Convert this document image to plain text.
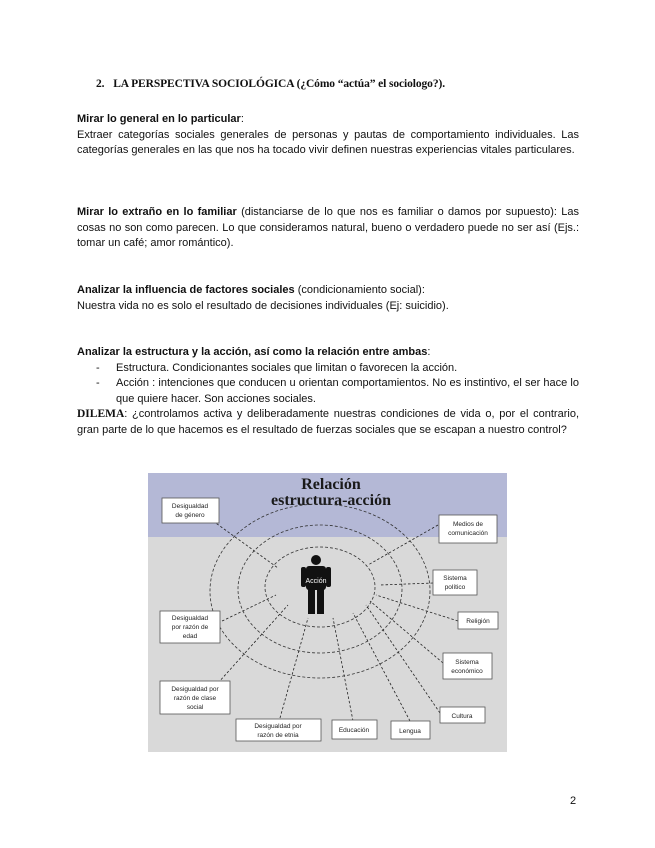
2. LA PERSPECTIVA SOCIOLÓGICA (¿Cómo “actúa” el sociologo?).
Mirar lo general en lo particular:
Extraer categorías sociales generales de personas y pautas de comportamiento individuales. Las categorías generales en las que nos ha tocado vivir definen nuestras experiencias vitales particulares.
Mirar lo extraño en lo familiar (distanciarse de lo que nos es familiar o damos por supuesto): Las cosas no son como parecen. Lo que consideramos natural, bueno o verdadero puede no ser así (Ejs.: tomar un café; amor romántico).
Analizar la influencia de factores sociales (condicionamiento social):
Nuestra vida no es solo el resultado de decisiones individuales (Ej: suicidio).
Analizar la estructura y la acción, así como la relación entre ambas:
- Estructura. Condicionantes sociales que limitan o favorecen la acción.
- Acción : intenciones que conducen u orientan comportamientos. No es instintivo, el ser hace lo que quiere hacer. Son acciones sociales.
DILEMA: ¿controlamos activa y deliberadamente nuestras condiciones de vida o, por el contrario, gran parte de lo que hacemos es el resultado de fuerzas sociales que se escapan a nuestro control?
Relación
estructura-acción
Acción
Desigualdad
de género
Medios de
comunicación
Sistema
político
Religión
Sistema
económico
Cultura
Lengua
Educación
Desigualdad por
razón de etnia
Desigualdad por
razón de clase
social
Desigualdad
por razón de
edad
2
